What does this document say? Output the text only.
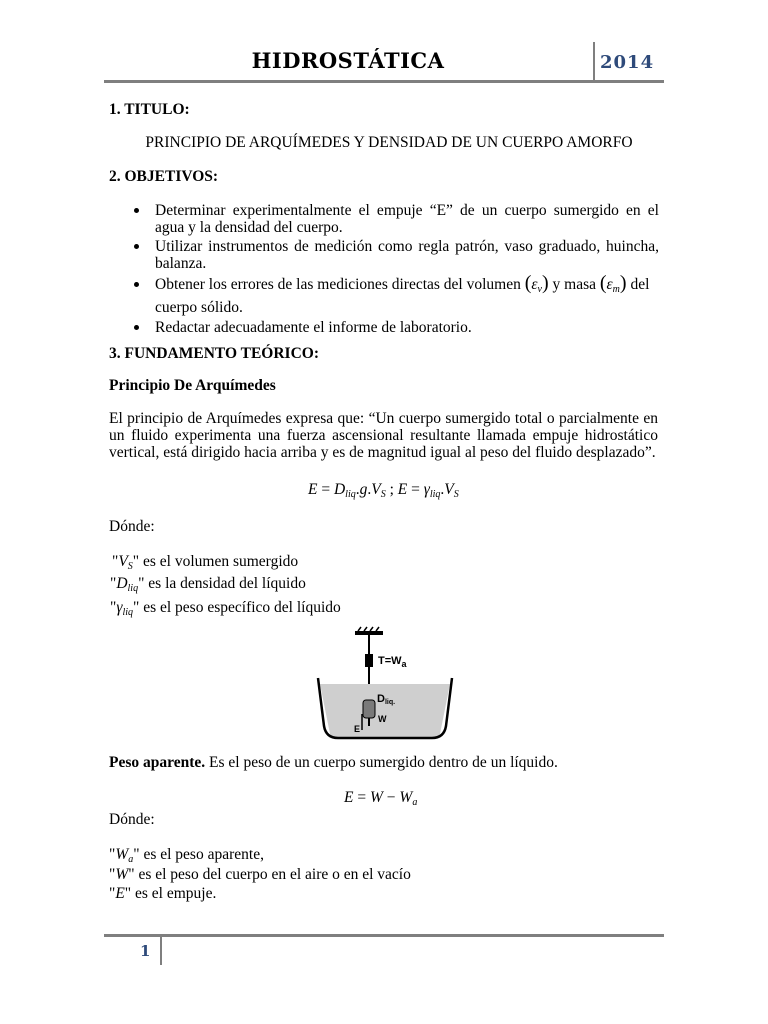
HIDROSTÁTICA	2014
1. TITULO:
PRINCIPIO DE ARQUÍMEDES Y DENSIDAD DE UN CUERPO AMORFO
2. OBJETIVOS:
Determinar experimentalmente el empuje “E” de un cuerpo sumergido en el agua y la densidad del cuerpo.
Utilizar instrumentos de medición como regla patrón, vaso graduado, huincha, balanza.
Obtener los errores de las mediciones directas del volumen $(\varepsilon_v)$ y masa $(\varepsilon_m)$ del
cuerpo sólido.
Redactar adecuadamente el informe de laboratorio.
3. FUNDAMENTO TEÓRICO:
Principio De Arquímedes
El principio de Arquímedes expresa que: “Un cuerpo sumergido total o parcialmente en un fluido experimenta una fuerza ascensional resultante llamada empuje hidrostático vertical, está dirigido hacia arriba y es de magnitud igual al peso del fluido desplazado”.
$E = D_{liq}.g.V_S$ ; $E = \gamma_{liq}.V_S$
Dónde:
"$V_S$" es el volumen sumergido
"$D_{liq}$" es la densidad del líquido
"$\gamma_{liq}$" es el peso específico del líquido
$T=W_a$
Dliq.
W
E
Peso aparente. Es el peso de un cuerpo sumergido dentro de un líquido.
$E = W - W_a$
Dónde:
"$W_a$" es el peso aparente,
"W" es el peso del cuerpo en el aire o en el vacío
"E" es el empuje.
1
